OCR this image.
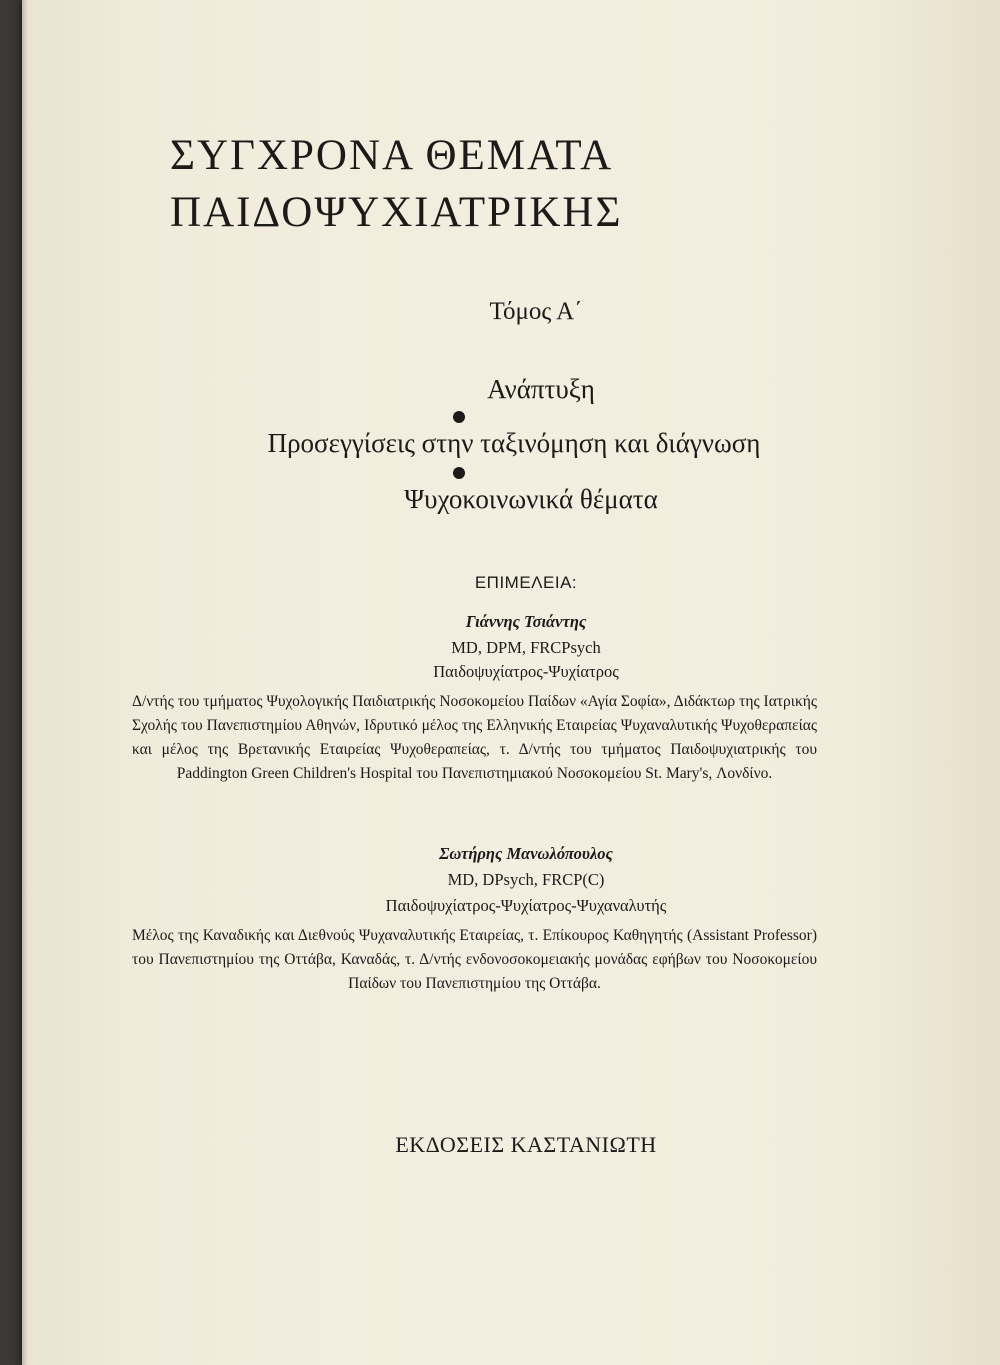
ΣΥΓΧΡΟΝΑ ΘΕΜΑΤΑ
ΠΑΙΔΟΨΥΧΙΑΤΡΙΚΗΣ
Τόμος Α΄
Ανάπτυξη
Προσεγγίσεις στην ταξινόμηση και διάγνωση
Ψυχοκοινωνικά θέματα
ΕΠΙΜΕΛΕΙΑ:
Γιάννης Τσιάντης
MD, DPM, FRCPsych
Παιδοψυχίατρος-Ψυχίατρος

Δ/ντής του τμήματος Ψυχολογικής Παιδιατρικής Νοσοκομείου Παίδων «Αγία Σοφία», Διδάκτωρ της Ιατρικής Σχολής του Πανεπιστημίου Αθηνών, Ιδρυτικό μέλος της Ελληνικής Εταιρείας Ψυχαναλυτικής Ψυχοθεραπείας και μέλος της Βρετανικής Εταιρείας Ψυχοθεραπείας, τ. Δ/ντής του τμήματος Παιδοψυχιατρικής του Paddington Green Children's Hospital του Πανεπιστημιακού Νοσοκομείου St. Mary's, Λονδίνο.

Σωτήρης Μανωλόπουλος
MD, DPsych, FRCP(C)
Παιδοψυχίατρος-Ψυχίατρος-Ψυχαναλυτής

Μέλος της Καναδικής και Διεθνούς Ψυχαναλυτικής Εταιρείας, τ. Επίκουρος Καθηγητής (Assistant Professor) του Πανεπιστημίου της Οττάβα, Καναδάς, τ. Δ/ντής ενδονοσοκομειακής μονάδας εφήβων του Νοσοκομείου Παίδων του Πανεπιστημίου της Οττάβα.

ΕΚΔΟΣΕΙΣ ΚΑΣΤΑΝΙΩΤΗ
